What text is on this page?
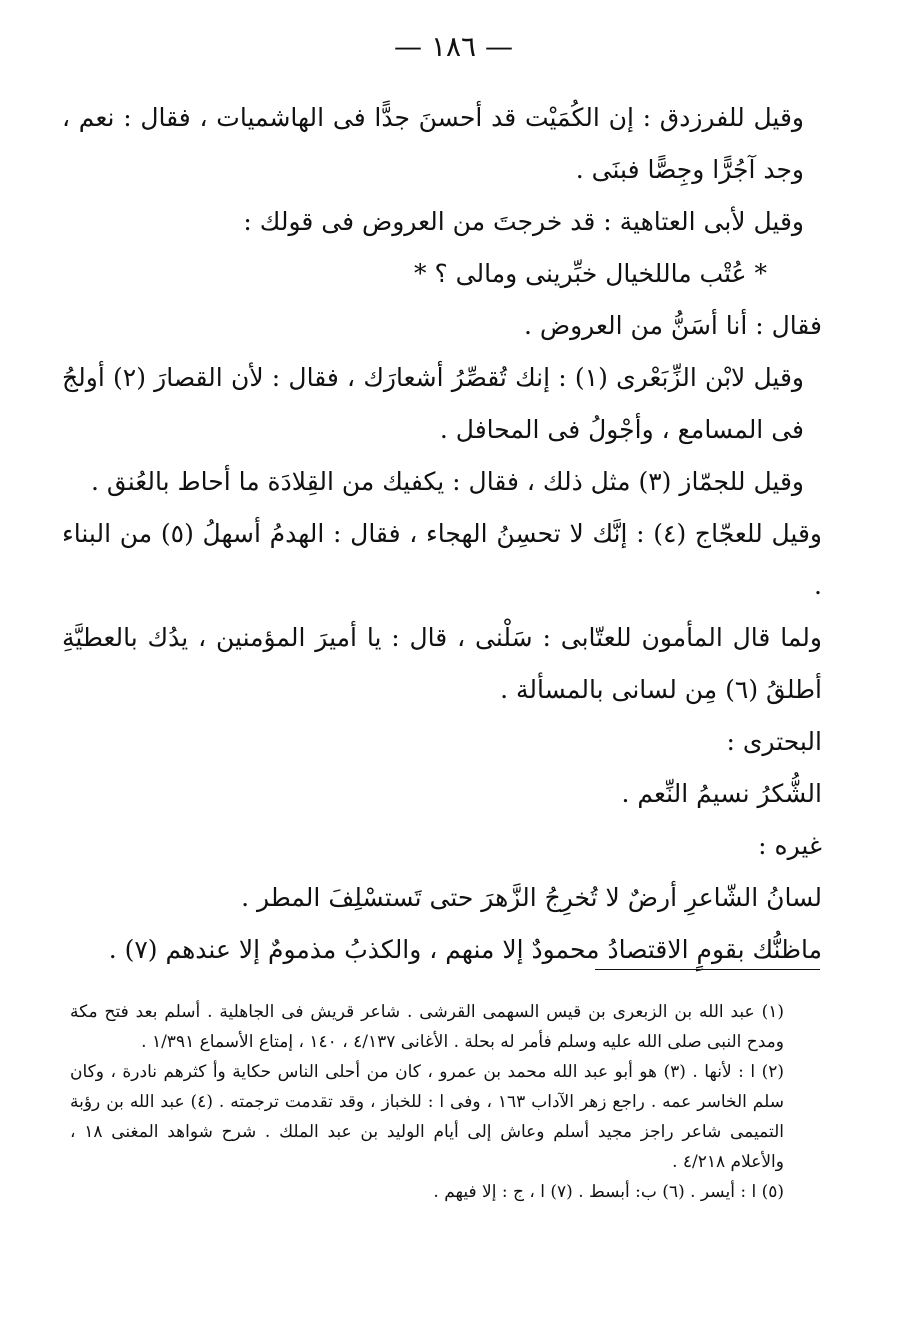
— ١٨٦ —

وقيل للفرزدق : إن الكُمَيْت قد أحسنَ جدًّا فى الهاشميات ، فقال : نعم ، وجد آجُرًّا وجِصًّا فبنَى .

وقيل لأبى العتاهية : قد خرجتَ من العروض فى قولك :

* عُتْب ماللخيال خبِّرينى ومالى ؟ *

فقال : أنا أسَنُّ من العروض .

وقيل لابْن الزِّبَعْرى (١) : إنك تُقصِّرُ أشعارَك ، فقال : لأن القصارَ (٢) أولجُ فى المسامع ، وأجْولُ فى المحافل .

وقيل للجمّاز (٣) مثل ذلك ، فقال : يكفيك من القِلادَة ما أحاط بالعُنق .

وقيل للعجّاج (٤) : إنَّك لا تحسِنُ الهجاء ، فقال : الهدمُ أسهلُ (٥) من البناء .

ولما قال المأمون للعتّابى : سَلْنى ، قال : يا أميرَ المؤمنين ، يدُك بالعطيَّةِ أطلقُ (٦) مِن لسانى بالمسألة .

البحترى :

الشُّكرُ نسيمُ النِّعم .

غيره :

لسانُ الشّاعرِ أرضٌ لا تُخرِجُ الزَّهرَ حتى تَستسْلِفَ المطر .

ماظنُّك بقومٍ الاقتصادُ محمودٌ إلا منهم ، والكذبُ مذمومٌ إلا عندهم (٧) .

(١) عبد الله بن الزبعرى بن قيس السهمى القرشى . شاعر قريش فى الجاهلية . أسلم بعد فتح مكة ومدح النبى صلى الله عليه وسلم فأمر له بحلة . الأغانى ٤/١٣٧ ، ١٤٠ ، إمتاع الأسماع ١/٣٩١ .

(٢) ا : لأنها . (٣) هو أبو عبد الله محمد بن عمرو ، كان من أحلى الناس حكاية وأ كثرهم نادرة ، وكان سلم الخاسر عمه . راجع زهر الآداب ١٦٣ ، وفى ا : للخباز ، وقد تقدمت ترجمته . (٤) عبد الله بن رؤبة التميمى شاعر راجز مجيد أسلم وعاش إلى أيام الوليد بن عبد الملك . شرح شواهد المغنى ١٨ ، والأعلام ٤/٢١٨ .

(٥) ا : أيسر . (٦) ب: أبسط . (٧) ا ، ج : إلا فيهم .
